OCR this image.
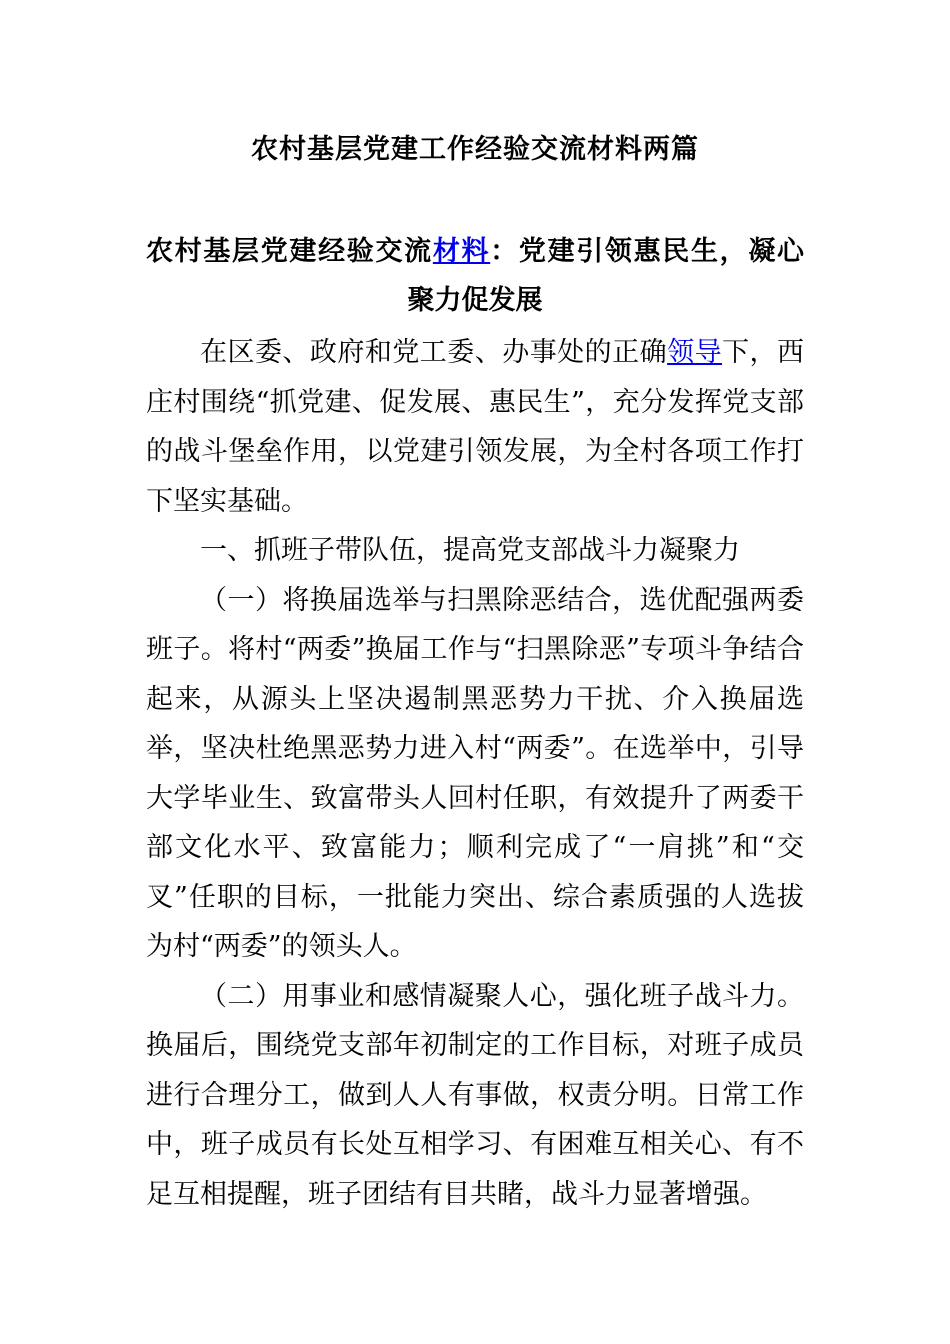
农村基层党建工作经验交流材料两篇
农村基层党建经验交流材料：党建引领惠民生，凝心
聚力促发展

在区委、政府和党工委、办事处的正确领导下，西庄村围绕“抓党建、促发展、惠民生”，充分发挥党支部的战斗堡垒作用，以党建引领发展，为全村各项工作打下坚实基础。

一、抓班子带队伍，提高党支部战斗力凝聚力

（一）将换届选举与扫黑除恶结合，选优配强两委班子。将村“两委”换届工作与“扫黑除恶”专项斗争结合起来，从源头上坚决遏制黑恶势力干扰、介入换届选举，坚决杜绝黑恶势力进入村“两委”。在选举中，引导大学毕业生、致富带头人回村任职，有效提升了两委干部文化水平、致富能力；顺利完成了“一肩挑”和“交叉”任职的目标，一批能力突出、综合素质强的人选拔为村“两委”的领头人。

（二）用事业和感情凝聚人心，强化班子战斗力。换届后，围绕党支部年初制定的工作目标，对班子成员进行合理分工，做到人人有事做，权责分明。日常工作中，班子成员有长处互相学习、有困难互相关心、有不足互相提醒，班子团结有目共睹，战斗力显著增强。
